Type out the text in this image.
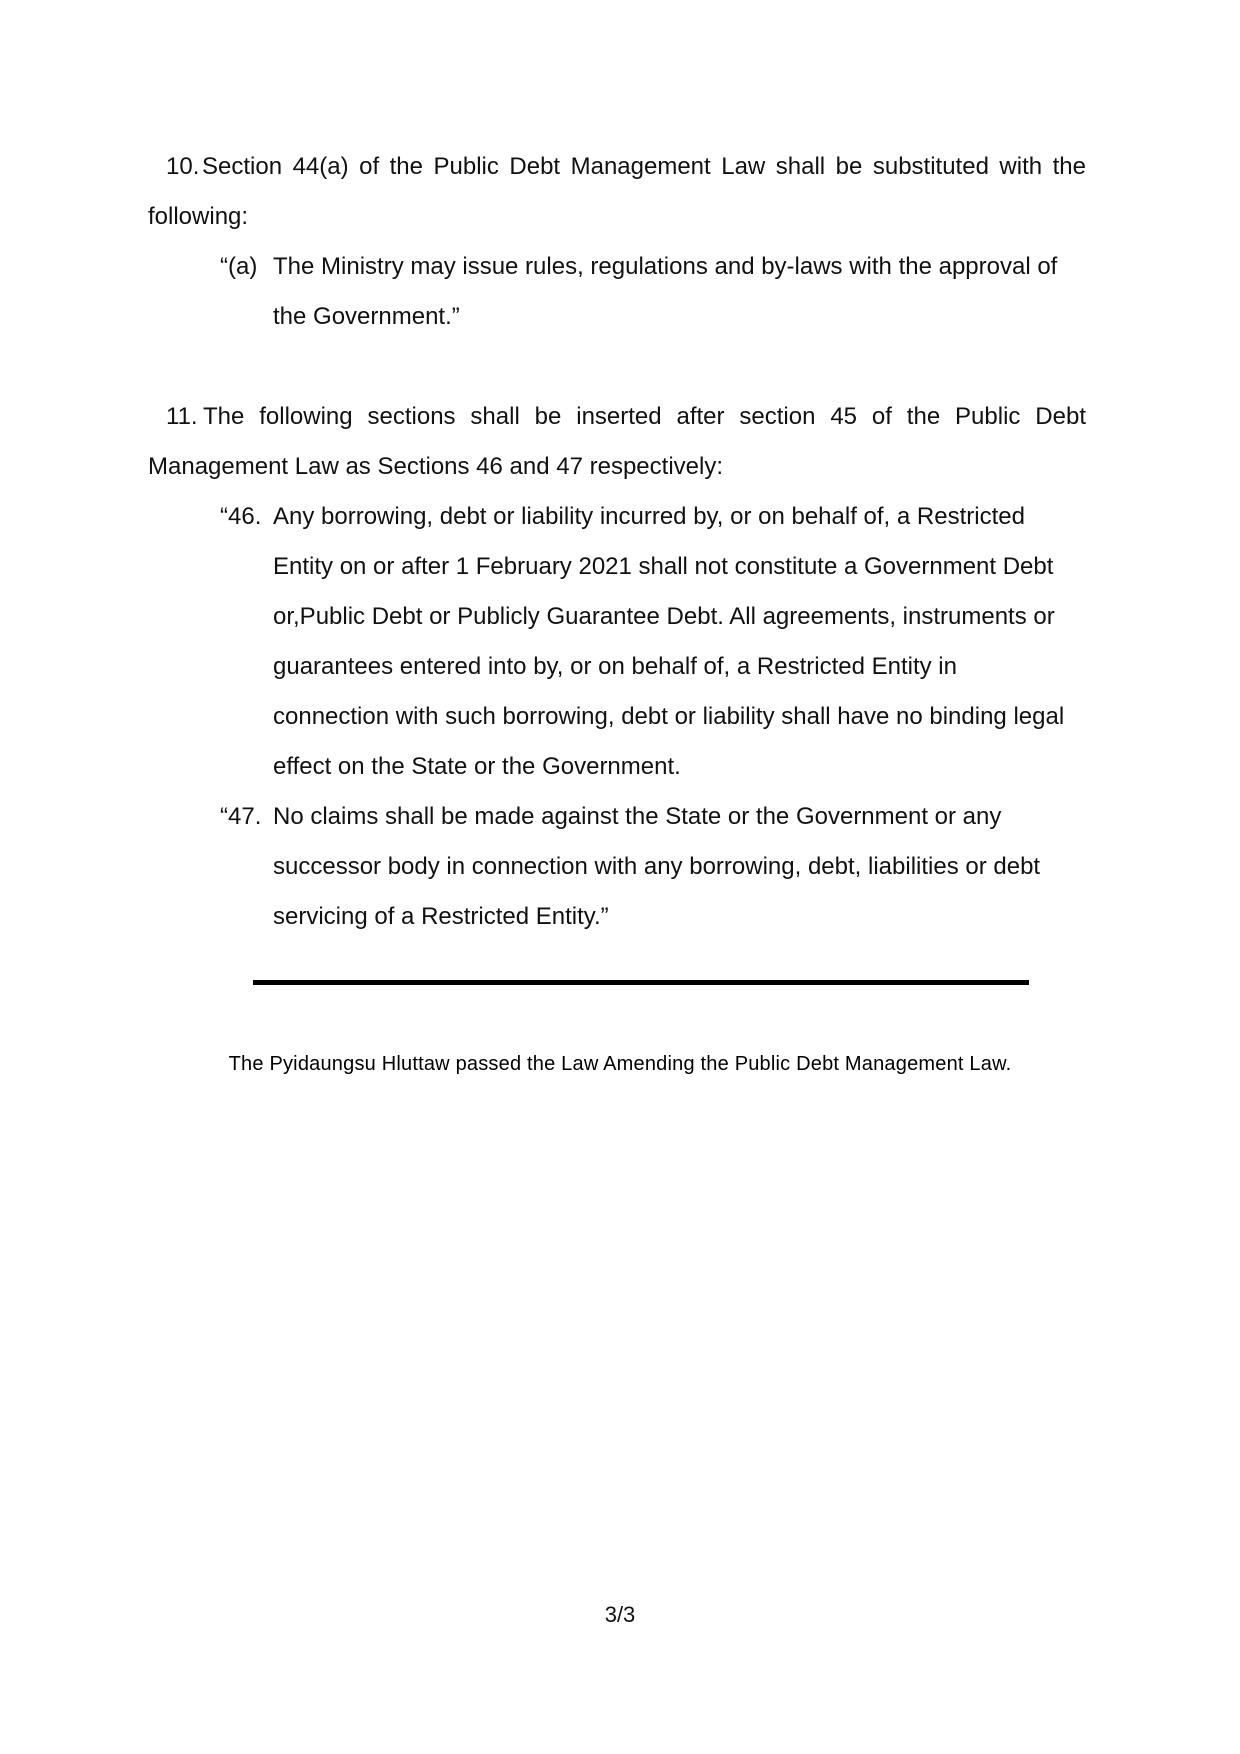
10. Section 44(a) of the Public Debt Management Law shall be substituted with the
following:
“(a) The Ministry may issue rules, regulations and by-laws with the approval of
the Government.”
11. The following sections shall be inserted after section 45 of the Public Debt
Management Law as Sections 46 and 47 respectively:
“46. Any borrowing, debt or liability incurred by, or on behalf of, a Restricted
Entity on or after 1 February 2021 shall not constitute a Government Debt
or,Public Debt or Publicly Guarantee Debt. All agreements, instruments or
guarantees entered into by, or on behalf of, a Restricted Entity in
connection with such borrowing, debt or liability shall have no binding legal
effect on the State or the Government.
“47. No claims shall be made against the State or the Government or any
successor body in connection with any borrowing, debt, liabilities or debt
servicing of a Restricted Entity.”
The Pyidaungsu Hluttaw passed the Law Amending the Public Debt Management Law.
3/3
